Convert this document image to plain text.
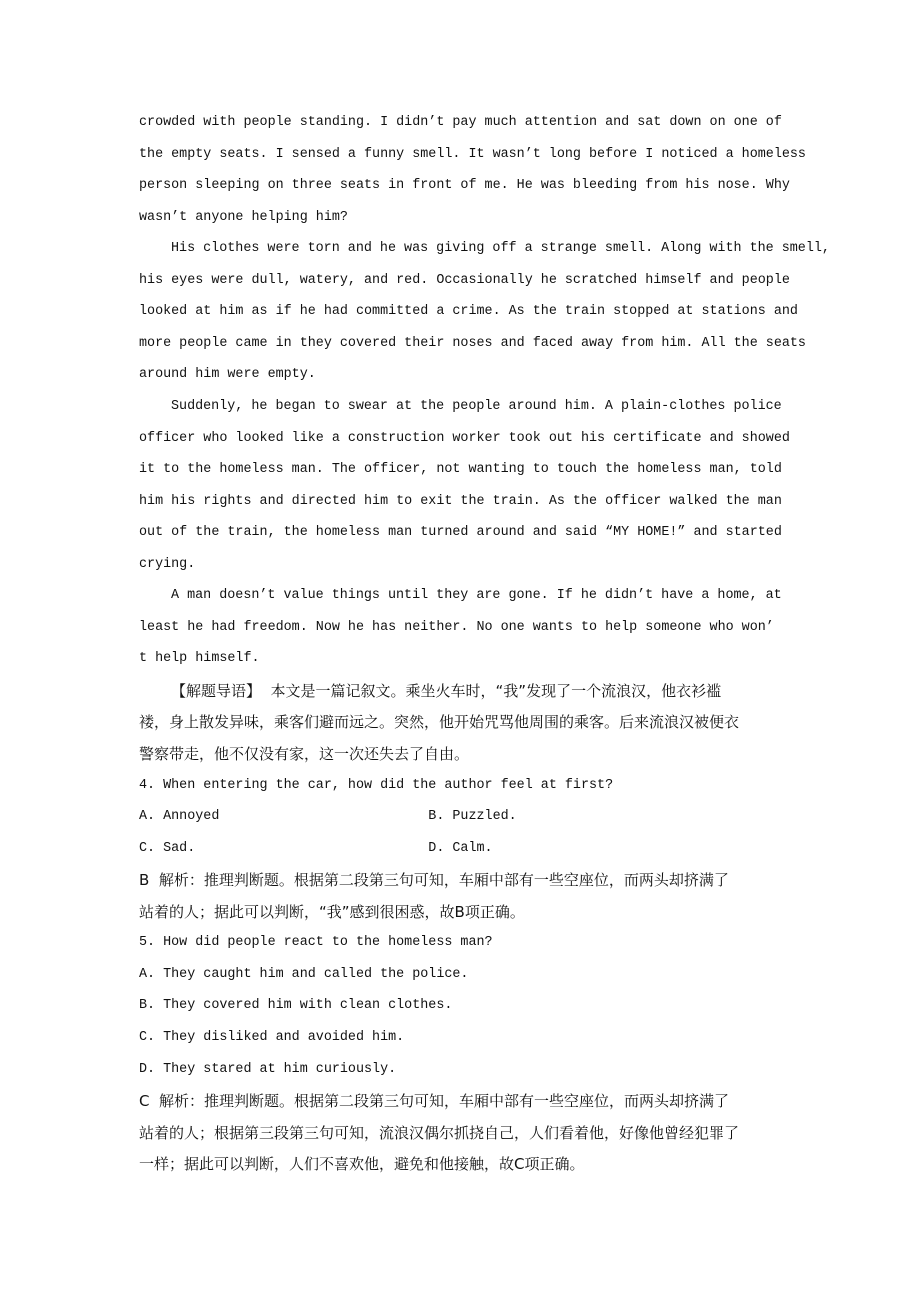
crowded with people standing. I didn’t pay much attention and sat down on one of
the empty seats. I sensed a funny smell. It wasn’t long before I noticed a homeless
person sleeping on three seats in front of me. He was bleeding from his nose. Why
wasn’t anyone helping him?
His clothes were torn and he was giving off a strange smell. Along with the smell,
his eyes were dull, watery, and red. Occasionally he scratched himself and people
looked at him as if he had committed a crime. As the train stopped at stations and
more people came in they covered their noses and faced away from him. All the seats
around him were empty.
Suddenly, he began to swear at the people around him. A plain-clothes police
officer who looked like a construction worker took out his certificate and showed
it to the homeless man. The officer, not wanting to touch the homeless man, told
him his rights and directed him to exit the train. As the officer walked the man
out of the train, the homeless man turned around and said “MY HOME!” and started
crying.
A man doesn’t value things until they are gone. If he didn’t have a home, at
least he had freedom. Now he has neither. No one wants to help someone who won’
t help himself.
【解题导语】  本文是一篇记叙文。乘坐火车时，“我”发现了一个流浪汉，他衣衫褴
褛，身上散发异味，乘客们避而远之。突然，他开始咒骂他周围的乘客。后来流浪汉被便衣
警察带走，他不仅没有家，这一次还失去了自由。
4. When entering the car, how did the author feel at first?
A. Annoyed                          B. Puzzled.
C. Sad.                             D. Calm.
B  解析：推理判断题。根据第二段第三句可知，车厢中部有一些空座位，而两头却挤满了
站着的人；据此可以判断，“我”感到很困惑，故B项正确。
5. How did people react to the homeless man?
A. They caught him and called the police.
B. They covered him with clean clothes.
C. They disliked and avoided him.
D. They stared at him curiously.
C  解析：推理判断题。根据第二段第三句可知，车厢中部有一些空座位，而两头却挤满了
站着的人；根据第三段第三句可知，流浪汉偶尔抓挠自己，人们看着他，好像他曾经犯罪了
一样；据此可以判断，人们不喜欢他，避免和他接触，故C项正确。
